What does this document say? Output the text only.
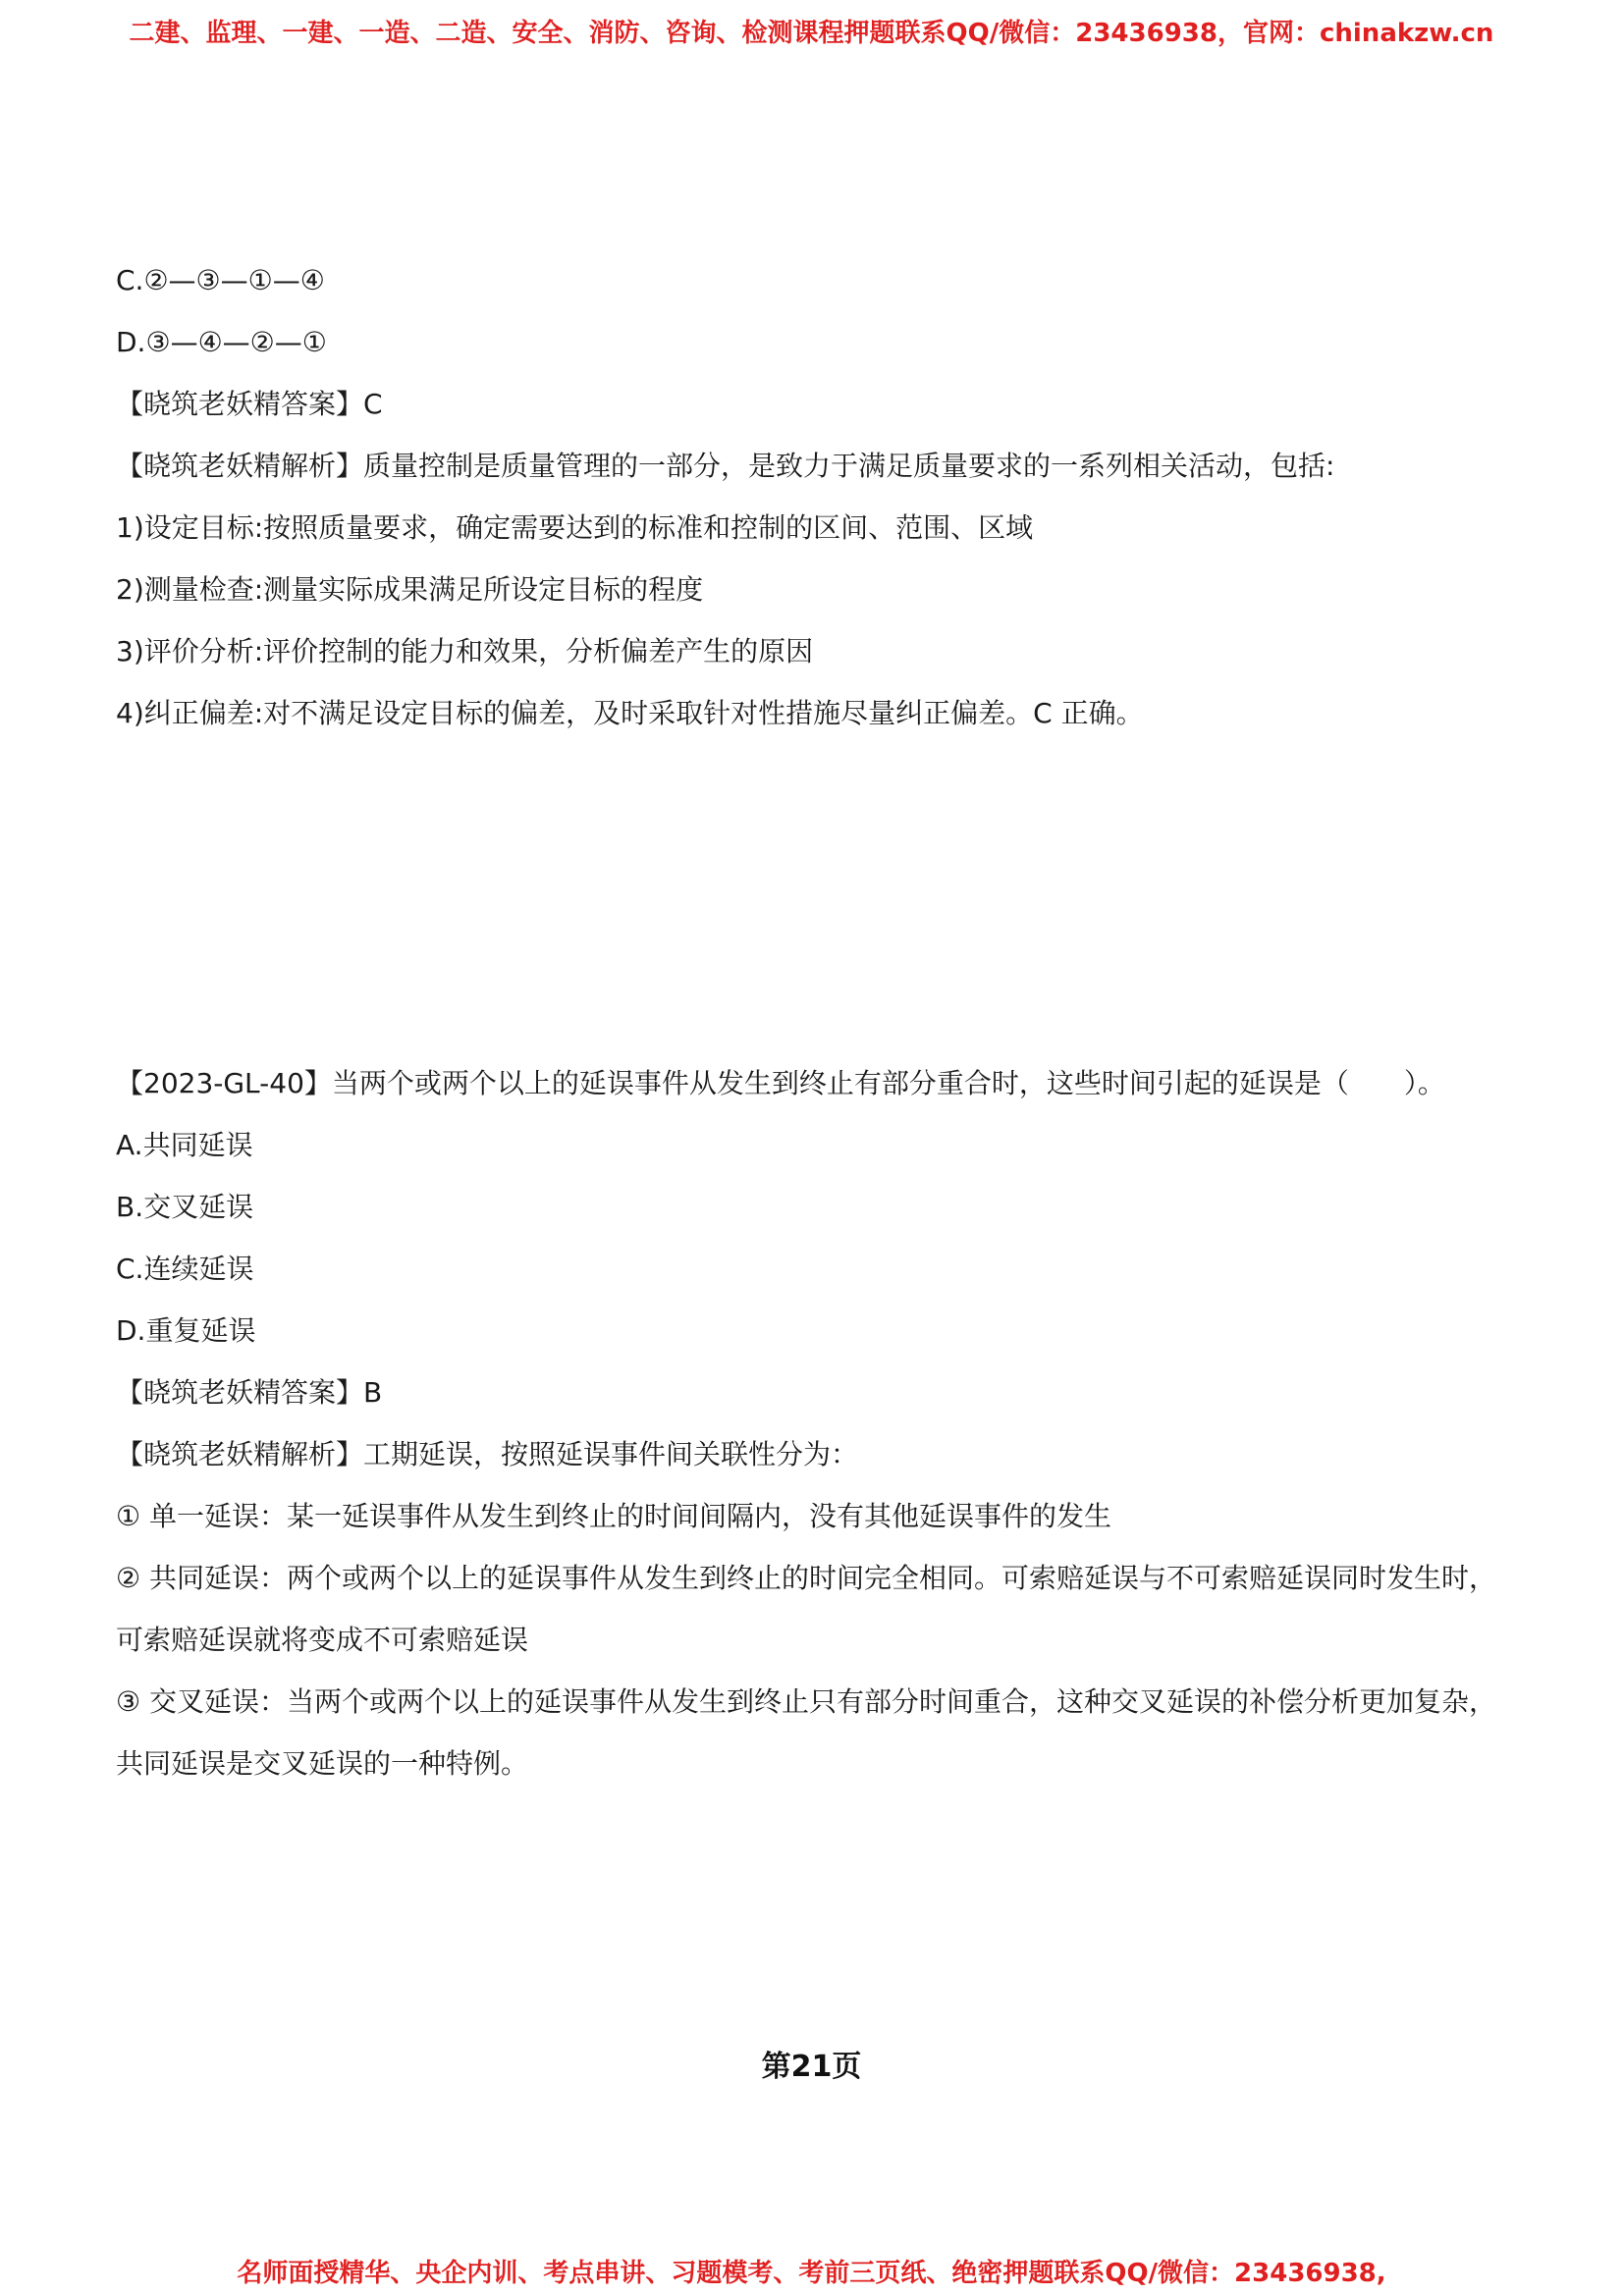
二建、监理、一建、一造、二造、安全、消防、咨询、检测课程押题联系QQ/微信：23436938，官网：chinakzw.cn

C.②—③—①—④

D.③—④—②—①

【晓筑老妖精答案】C

【晓筑老妖精解析】质量控制是质量管理的一部分，是致力于满足质量要求的一系列相关活动，包括:

1)设定目标:按照质量要求，确定需要达到的标准和控制的区间、范围、区域

2)测量检查:测量实际成果满足所设定目标的程度

3)评价分析:评价控制的能力和效果，分析偏差产生的原因

4)纠正偏差:对不满足设定目标的偏差，及时采取针对性措施尽量纠正偏差。C 正确。

【2023-GL-40】当两个或两个以上的延误事件从发生到终止有部分重合时，这些时间引起的延误是（　　）。

A.共同延误

B.交叉延误

C.连续延误

D.重复延误

【晓筑老妖精答案】B

【晓筑老妖精解析】工期延误，按照延误事件间关联性分为：

① 单一延误：某一延误事件从发生到终止的时间间隔内，没有其他延误事件的发生

② 共同延误：两个或两个以上的延误事件从发生到终止的时间完全相同。可索赔延误与不可索赔延误同时发生时，可索赔延误就将变成不可索赔延误

③ 交叉延误：当两个或两个以上的延误事件从发生到终止只有部分时间重合，这种交叉延误的补偿分析更加复杂，共同延误是交叉延误的一种特例。

第21页
名师面授精华、央企内训、考点串讲、习题模考、考前三页纸、绝密押题联系QQ/微信：23436938,
